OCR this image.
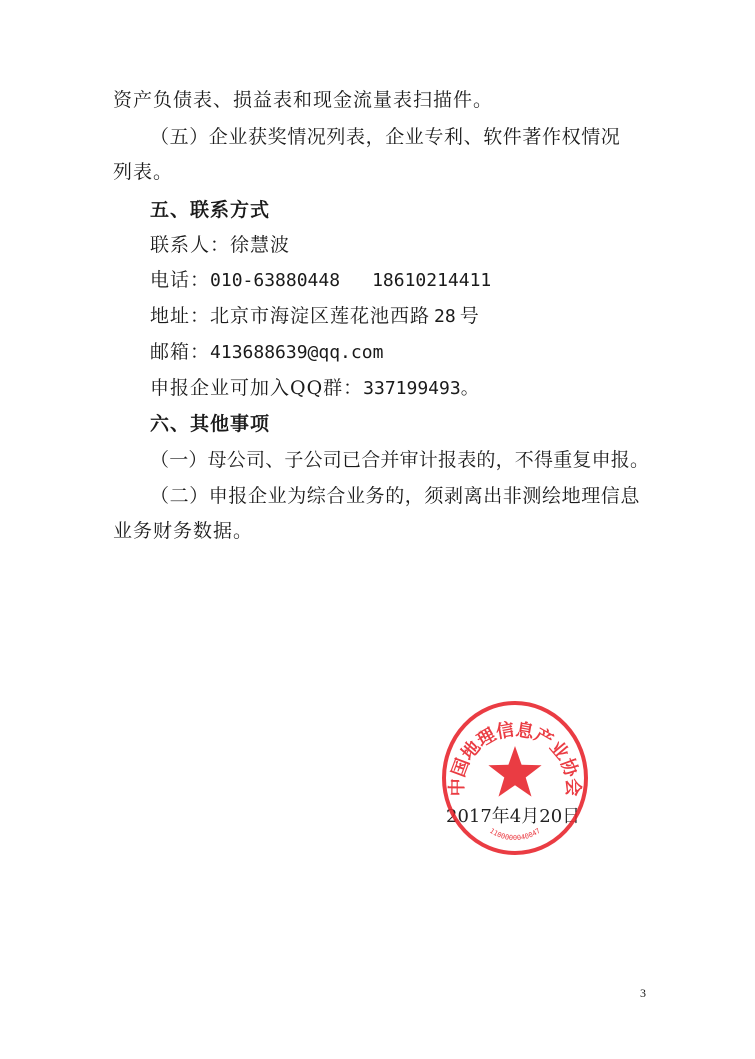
资产负债表、损益表和现金流量表扫描件。
（五）企业获奖情况列表，企业专利、软件著作权情况
列表。
五、联系方式
联系人：徐慧波
电话：010-63880448 18610214411
地址：北京市海淀区莲花池西路 28 号
邮箱：413688639@qq.com
申报企业可加入QQ群：337199493。
六、其他事项
（一）母公司、子公司已合并审计报表的，不得重复申报。
（二）申报企业为综合业务的，须剥离出非测绘地理信息
业务财务数据。
2017年4月20日
中国地理信息产业协会
1100000040047
3
